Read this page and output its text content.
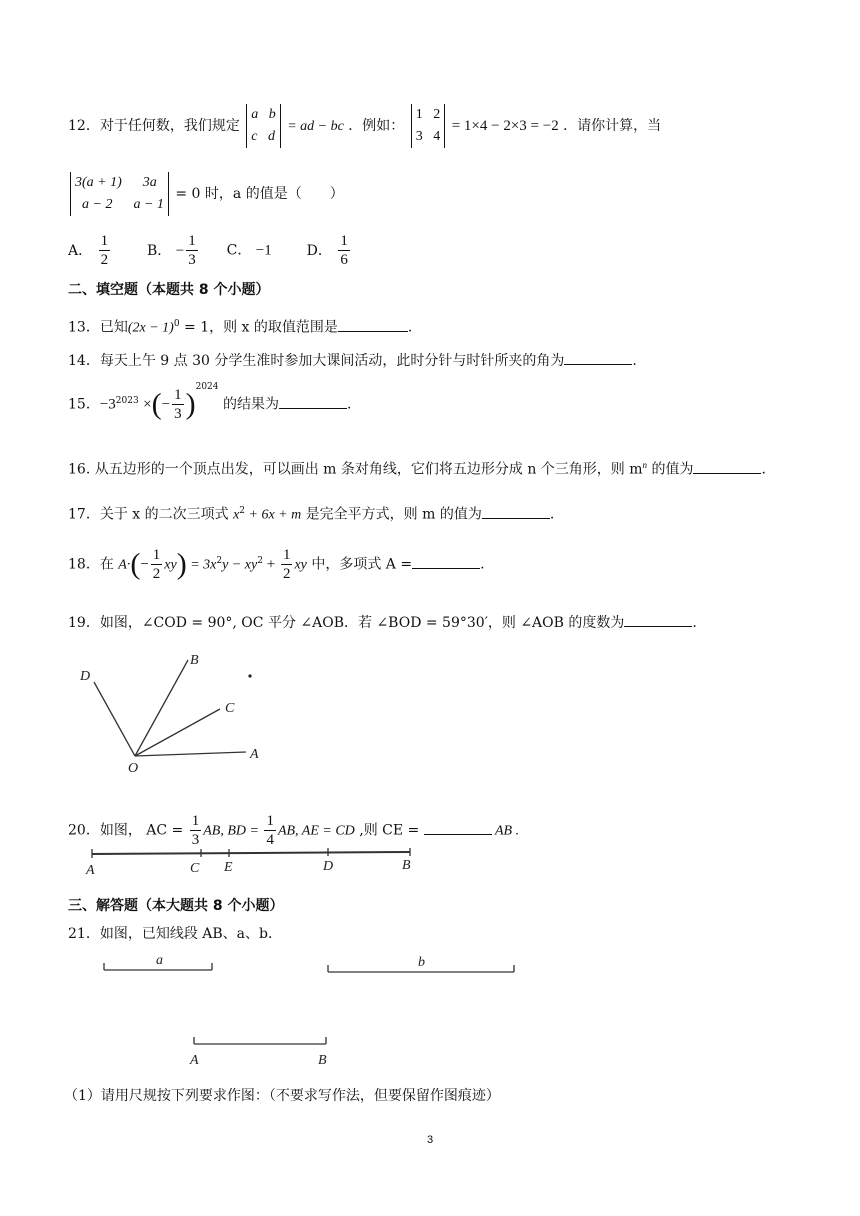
12．对于任何数，我们规定
a   b
c   d
= ad − bc ．例如：
1   2
3   4
= 1×4 − 2×3 = −2 ．请你计算，当
3(a + 1)      3a
a − 2      a − 1
= 0 时，a 的值是（　　）
A． $\frac{1}{2}$	B． − $\frac{1}{3}$ C． −1 D． $\frac{1}{6}$
二、填空题（本题共 8 个小题）
13．已知$(2x - 1)^0 = 1$，则 x 的取值范围是	.
14．每天上午 9 点 30 分学生准时参加大课间活动，此时分针与时针所夹的角为	.
15．$-3^{2023}$ ×(− $\frac{1}{3} )^{2024}$ 的结果为	.
16. 从五边形的一个顶点出发，可以画出 m 条对角线，它们将五边形分成 n 个三角形，则 $m^n$ 的值为	.
17．关于 x 的二次三项式 $x^2 + 6x + m$ 是完全平方式，则 m 的值为	.
18．在 $A\cdot(- \frac{1}{2} xy) = 3x^2y - xy^2 + \frac{1}{2}$ xy 中，多项式 A =	.
19．如图，∠COD = 90°, OC 平分 ∠AOB．若 ∠BOD = 59°30′，则 ∠AOB 的度数为	.
D
B
C
A
O
20．如图， AC = $\frac{1}{3}$ AB, BD = $\frac{1}{4}$ AB, AE = CD ,则 CE =	AB .
A	C E	D	B
三、解答题（本大题共 8 个小题）
21．如图，已知线段 AB、a、b．
a	b
A	B
（1）请用尺规按下列要求作图：（不要求写作法，但要保留作图痕迹）
3
